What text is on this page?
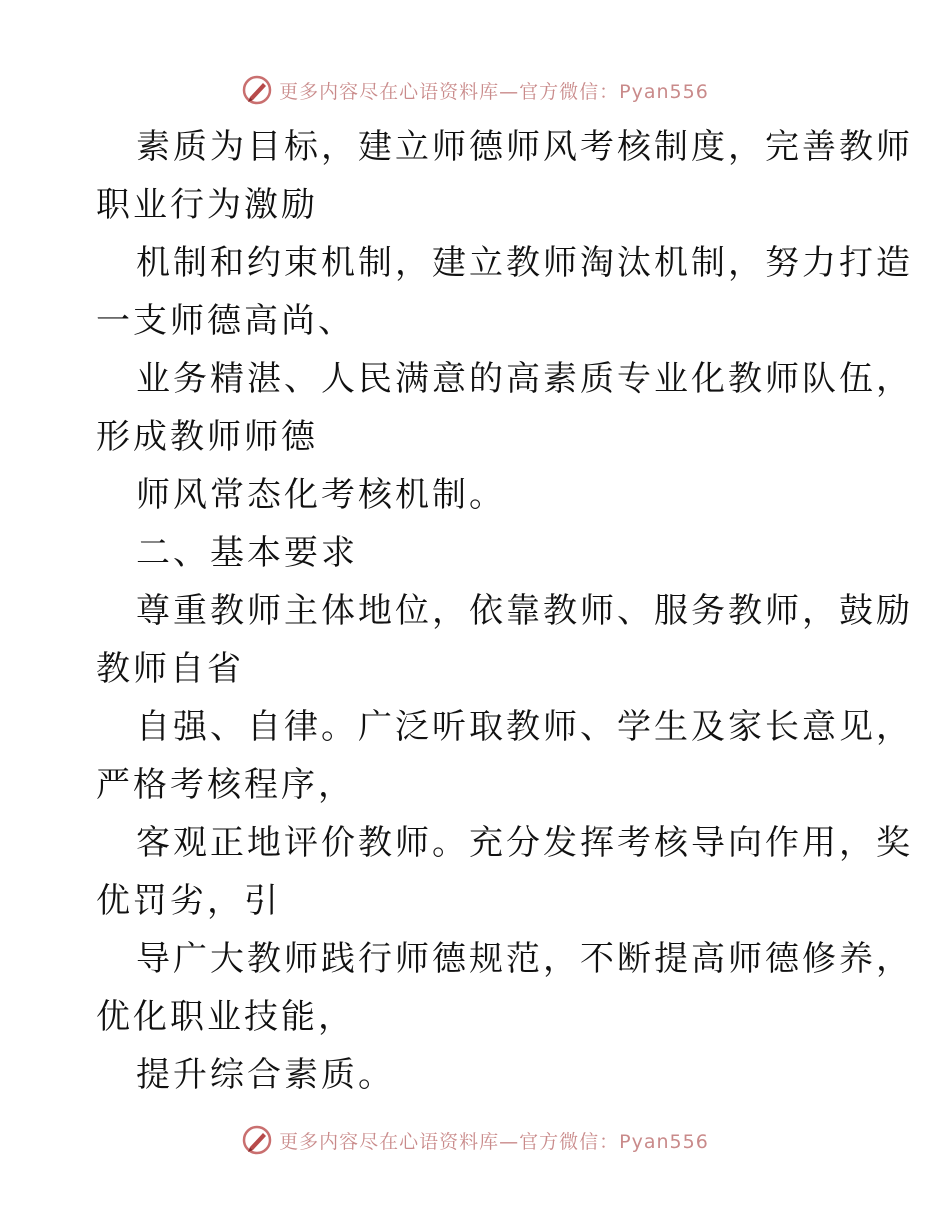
更多内容尽在心语资料库—官方微信：Pyan556
素质为目标，建立师德师风考核制度，完善教师
职业行为激励
机制和约束机制，建立教师淘汰机制，努力打造
一支师德高尚、
业务精湛、人民满意的高素质专业化教师队伍，
形成教师师德
师风常态化考核机制。
二、基本要求
尊重教师主体地位，依靠教师、服务教师，鼓励
教师自省
自强、自律。广泛听取教师、学生及家长意见，
严格考核程序，
客观正地评价教师。充分发挥考核导向作用，奖
优罚劣，引
导广大教师践行师德规范，不断提高师德修养，
优化职业技能，
提升综合素质。
更多内容尽在心语资料库—官方微信：Pyan556
